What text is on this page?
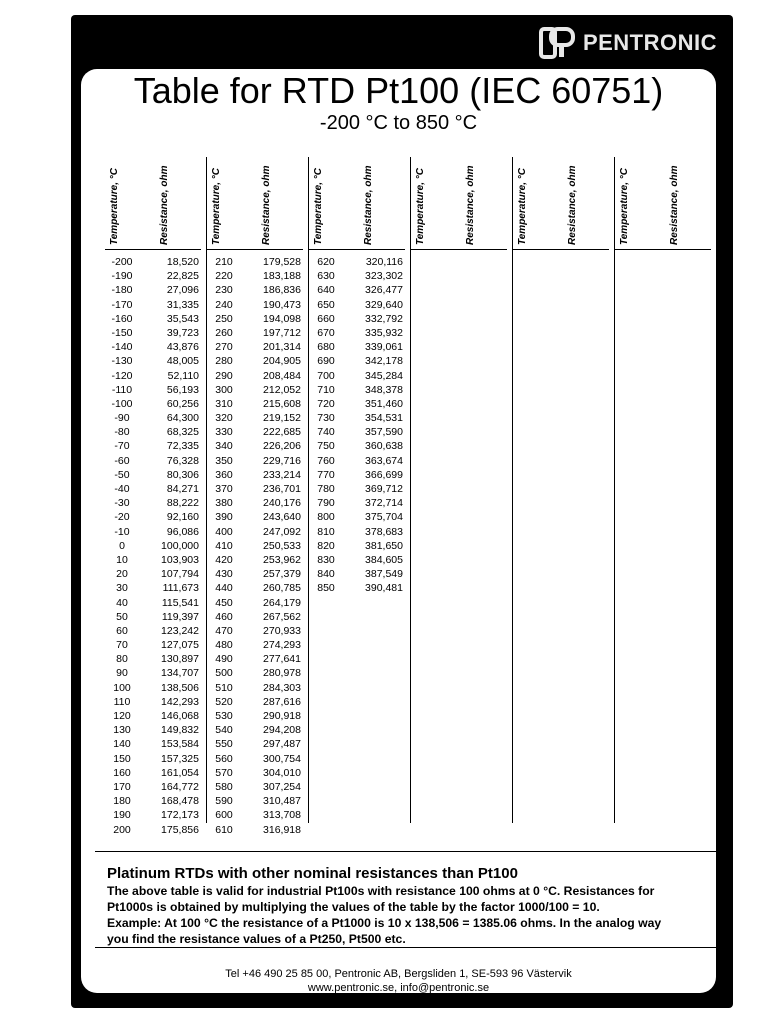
PENTRONIC
Table for RTD Pt100 (IEC 60751)
-200 °C to 850 °C
Temperature, °C	Resistance, ohm
-200	18,520
-190	22,825
-180	27,096
-170	31,335
-160	35,543
-150	39,723
-140	43,876
-130	48,005
-120	52,110
-110	56,193
-100	60,256
-90	64,300
-80	68,325
-70	72,335
-60	76,328
-50	80,306
-40	84,271
-30	88,222
-20	92,160
-10	96,086
0	100,000
10	103,903
20	107,794
30	111,673
40	115,541
50	119,397
60	123,242
70	127,075
80	130,897
90	134,707
100	138,506
110	142,293
120	146,068
130	149,832
140	153,584
150	157,325
160	161,054
170	164,772
180	168,478
190	172,173
200	175,856
Temperature, °C	Resistance, ohm
210	179,528
220	183,188
230	186,836
240	190,473
250	194,098
260	197,712
270	201,314
280	204,905
290	208,484
300	212,052
310	215,608
320	219,152
330	222,685
340	226,206
350	229,716
360	233,214
370	236,701
380	240,176
390	243,640
400	247,092
410	250,533
420	253,962
430	257,379
440	260,785
450	264,179
460	267,562
470	270,933
480	274,293
490	277,641
500	280,978
510	284,303
520	287,616
530	290,918
540	294,208
550	297,487
560	300,754
570	304,010
580	307,254
590	310,487
600	313,708
610	316,918
Temperature, °C	Resistance, ohm
620	320,116
630	323,302
640	326,477
650	329,640
660	332,792
670	335,932
680	339,061
690	342,178
700	345,284
710	348,378
720	351,460
730	354,531
740	357,590
750	360,638
760	363,674
770	366,699
780	369,712
790	372,714
800	375,704
810	378,683
820	381,650
830	384,605
840	387,549
850	390,481
Temperature, °C	Resistance, ohm	Temperature, °C	Resistance, ohm	Temperature, °C	Resistance, ohm
Platinum RTDs with other nominal resistances than Pt100
The above table is valid for industrial Pt100s with resistance 100 ohms at 0 °C. Resistances for
Pt1000s is obtained by multiplying the values of the table by the factor 1000/100 = 10.
Example: At 100 °C the resistance of a Pt1000 is 10 x 138,506 = 1385.06 ohms. In the analog way
you find the resistance values of a Pt250, Pt500 etc.
Tel +46 490 25 85 00, Pentronic AB, Bergsliden 1, SE-593 96 Västervik
www.pentronic.se, info@pentronic.se
